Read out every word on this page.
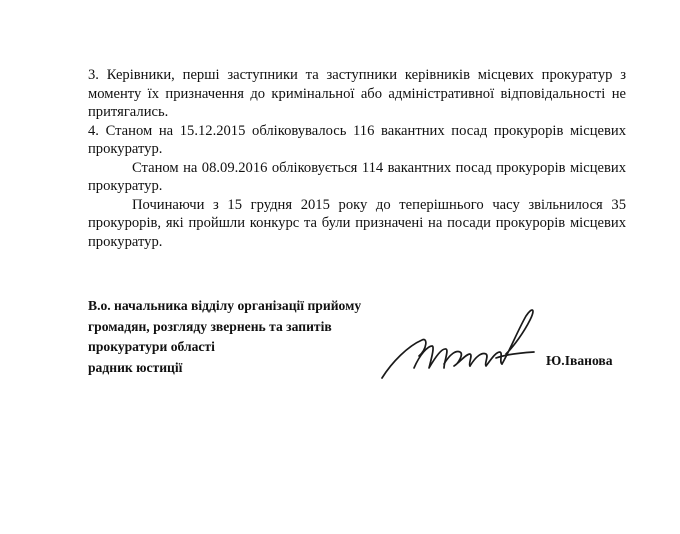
3. Керівники, перші заступники та заступники керівників місцевих прокуратур з моменту їх призначення до кримінальної або адміністративної відповідальності не притягались.

4. Станом на 15.12.2015 обліковувалось 116 вакантних посад прокурорів місцевих прокуратур.

Станом на 08.09.2016 обліковується 114 вакантних посад прокурорів місцевих прокуратур.

Починаючи з 15 грудня 2015 року до теперішнього часу звільнилося 35 прокурорів, які пройшли конкурс та були призначені на посади прокурорів місцевих прокуратур.

В.о. начальника відділу організації прийому
громадян, розгляду звернень та запитів
прокуратури області
радник юстиції	Ю.Іванова
